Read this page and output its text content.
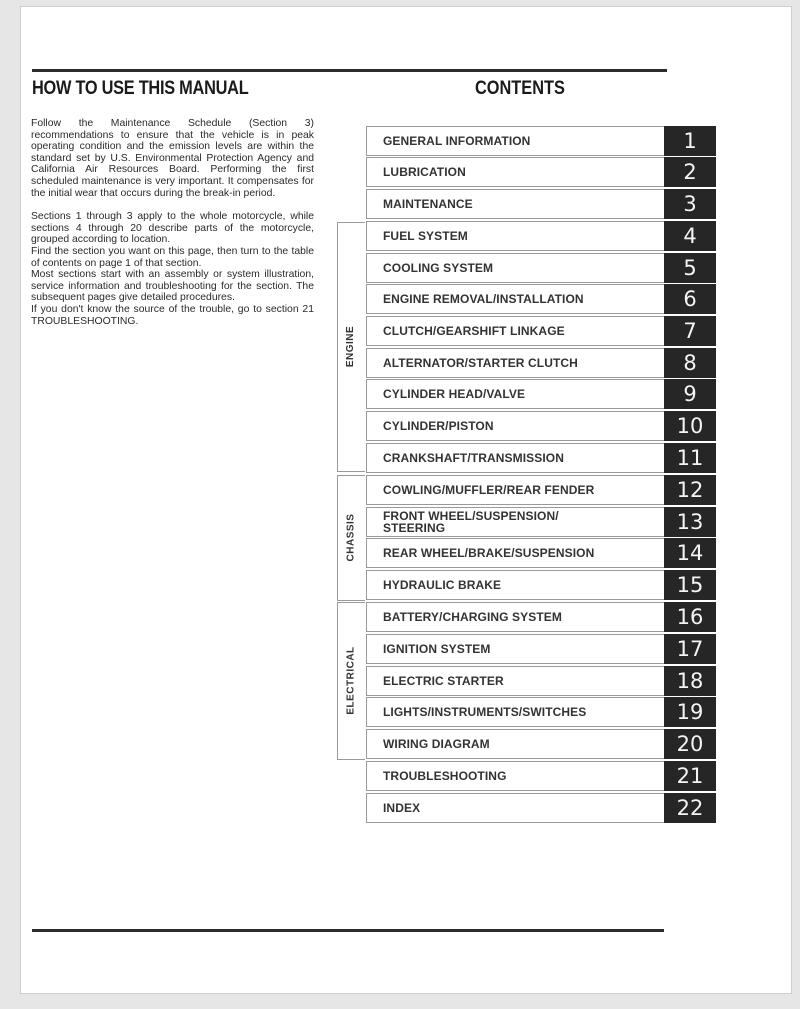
HOW TO USE THIS MANUAL	CONTENTS

Follow the Maintenance Schedule (Section 3) recommendations to ensure that the vehicle is in peak operating condition and the emission levels are within the standard set by U.S. Environmental Protection Agency and California Air Resources Board. Performing the first scheduled maintenance is very important. It compensates for the initial wear that occurs during the break-in period.

Sections 1 through 3 apply to the whole motorcycle, while sections 4 through 20 describe parts of the motorcycle, grouped according to location.

Find the section you want on this page, then turn to the table of contents on page 1 of that section.

Most sections start with an assembly or system illustration, service information and troubleshooting for the section. The subsequent pages give detailed procedures.

If you don't know the source of the trouble, go to section 21 TROUBLESHOOTING.

ENGINE
CHASSIS
ELECTRICAL
GENERAL INFORMATION	1
LUBRICATION	2
MAINTENANCE	3
FUEL SYSTEM	4
COOLING SYSTEM	5
ENGINE REMOVAL/INSTALLATION	6
CLUTCH/GEARSHIFT LINKAGE	7
ALTERNATOR/STARTER CLUTCH	8
CYLINDER HEAD/VALVE	9
CYLINDER/PISTON	10
CRANKSHAFT/TRANSMISSION	11
COWLING/MUFFLER/REAR FENDER	12
FRONT WHEEL/SUSPENSION/ STEERING	13
REAR WHEEL/BRAKE/SUSPENSION	14
HYDRAULIC BRAKE	15
BATTERY/CHARGING SYSTEM	16
IGNITION SYSTEM	17
ELECTRIC STARTER	18
LIGHTS/INSTRUMENTS/SWITCHES	19
WIRING DIAGRAM	20
TROUBLESHOOTING	21
INDEX	22
